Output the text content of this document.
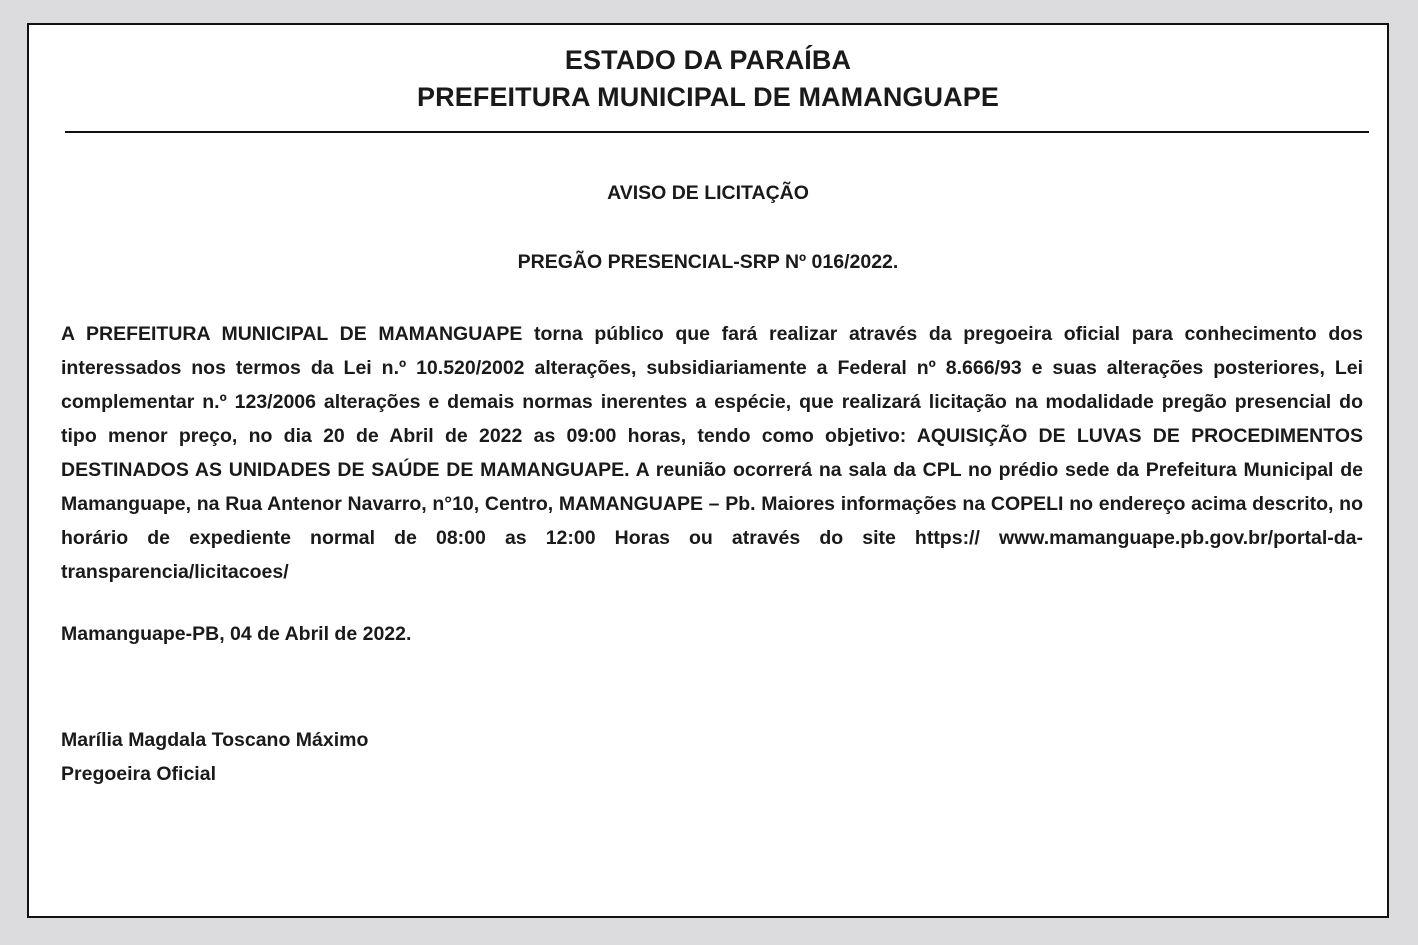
ESTADO DA PARAÍBA
PREFEITURA MUNICIPAL DE MAMANGUAPE
AVISO DE LICITAÇÃO
PREGÃO PRESENCIAL-SRP Nº 016/2022.
A PREFEITURA MUNICIPAL DE MAMANGUAPE torna público que fará realizar através da pregoeira oficial para conhecimento dos interessados nos termos da Lei n.º 10.520/2002 alterações, subsidiariamente a Federal nº 8.666/93 e suas alterações posteriores, Lei complementar n.º 123/2006 alterações e demais normas inerentes a espécie, que realizará licitação na modalidade pregão presencial do tipo menor preço, no dia 20 de Abril de 2022 as 09:00 horas, tendo como objetivo: AQUISIÇÃO DE LUVAS DE PROCEDIMENTOS DESTINADOS AS UNIDADES DE SAÚDE DE MAMANGUAPE. A reunião ocorrerá na sala da CPL no prédio sede da Prefeitura Municipal de Mamanguape, na Rua Antenor Navarro, n°10, Centro, MAMANGUAPE – Pb. Maiores informações na COPELI no endereço acima descrito, no horário de expediente normal de 08:00 as 12:00 Horas ou através do site https:// www.mamanguape.pb.gov.br/portal-da-transparencia/licitacoes/
Mamanguape-PB, 04 de Abril de 2022.
Marília Magdala Toscano Máximo
Pregoeira Oficial
